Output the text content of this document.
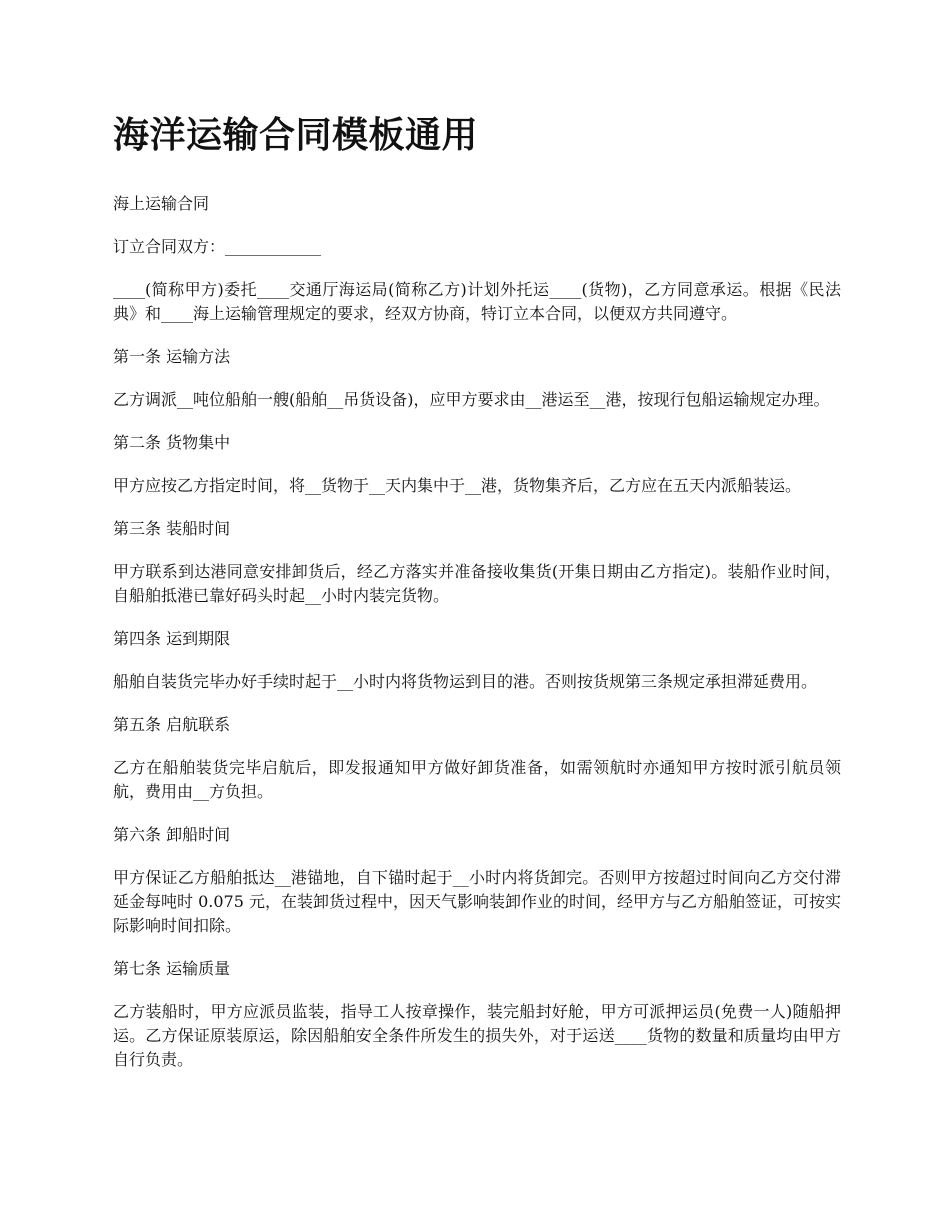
海洋运输合同模板通用

海上运输合同

订立合同双方：____________

____(简称甲方)委托____交通厅海运局(简称乙方)计划外托运____(货物)，乙方同意承运。根据《民法典》和____海上运输管理规定的要求，经双方协商，特订立本合同，以便双方共同遵守。

第一条 运输方法

乙方调派__吨位船舶一艘(船舶__吊货设备)，应甲方要求由__港运至__港，按现行包船运输规定办理。

第二条 货物集中

甲方应按乙方指定时间，将__货物于__天内集中于__港，货物集齐后，乙方应在五天内派船装运。

第三条 装船时间

甲方联系到达港同意安排卸货后，经乙方落实并准备接收集货(开集日期由乙方指定)。装船作业时间，自船舶抵港已靠好码头时起__小时内装完货物。

第四条 运到期限

船舶自装货完毕办好手续时起于__小时内将货物运到目的港。否则按货规第三条规定承担滞延费用。

第五条 启航联系

乙方在船舶装货完毕启航后，即发报通知甲方做好卸货准备，如需领航时亦通知甲方按时派引航员领航，费用由__方负担。

第六条 卸船时间

甲方保证乙方船舶抵达__港锚地，自下锚时起于__小时内将货卸完。否则甲方按超过时间向乙方交付滞延金每吨时 0.075 元，在装卸货过程中，因天气影响装卸作业的时间，经甲方与乙方船舶签证，可按实际影响时间扣除。

第七条 运输质量

乙方装船时，甲方应派员监装，指导工人按章操作，装完船封好舱，甲方可派押运员(免费一人)随船押运。乙方保证原装原运，除因船舶安全条件所发生的损失外，对于运送____货物的数量和质量均由甲方自行负责。
